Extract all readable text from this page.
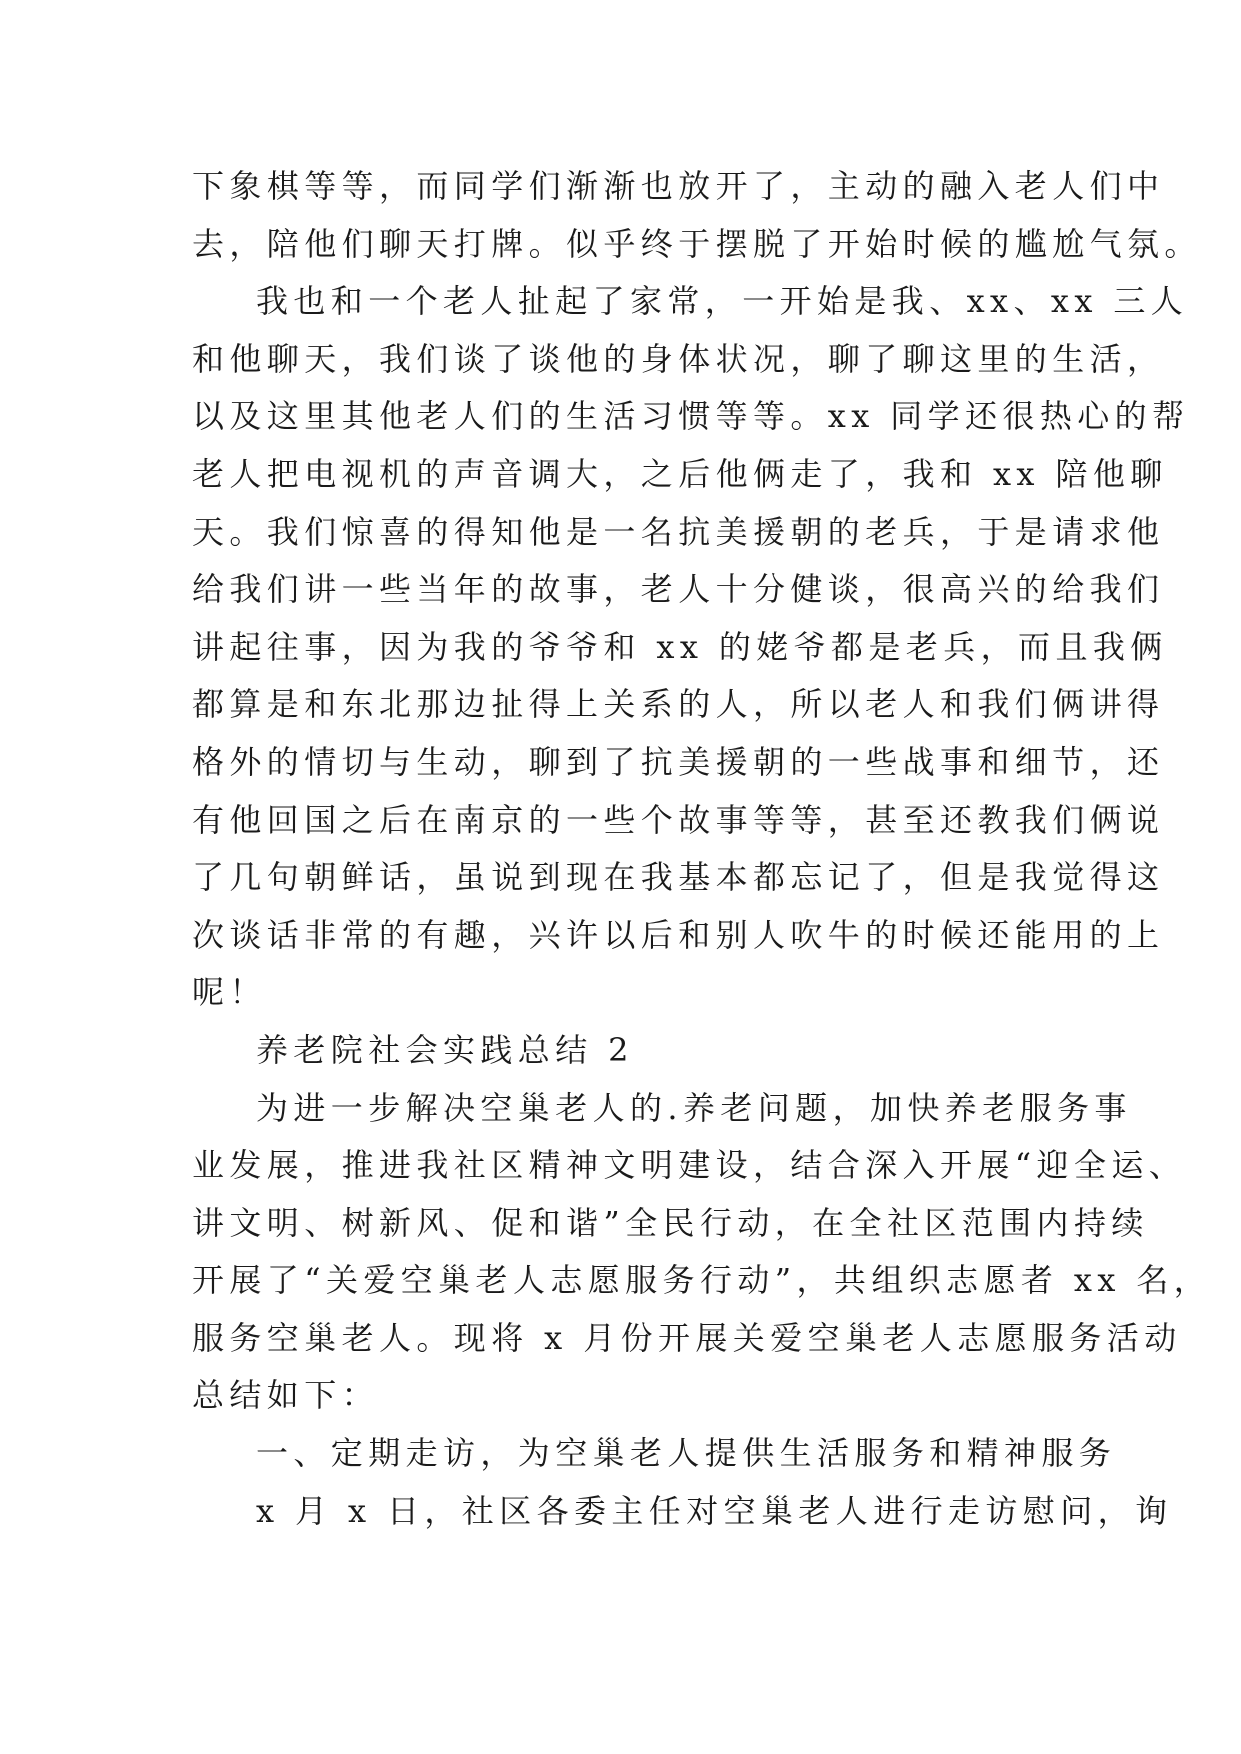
下象棋等等，而同学们渐渐也放开了，主动的融入老人们中
去，陪他们聊天打牌。似乎终于摆脱了开始时候的尴尬气氛。
我也和一个老人扯起了家常，一开始是我、xx、xx 三人
和他聊天，我们谈了谈他的身体状况，聊了聊这里的生活，
以及这里其他老人们的生活习惯等等。xx 同学还很热心的帮
老人把电视机的声音调大，之后他俩走了，我和 xx 陪他聊
天。我们惊喜的得知他是一名抗美援朝的老兵，于是请求他
给我们讲一些当年的故事，老人十分健谈，很高兴的给我们
讲起往事，因为我的爷爷和 xx 的姥爷都是老兵，而且我俩
都算是和东北那边扯得上关系的人，所以老人和我们俩讲得
格外的情切与生动，聊到了抗美援朝的一些战事和细节，还
有他回国之后在南京的一些个故事等等，甚至还教我们俩说
了几句朝鲜话，虽说到现在我基本都忘记了，但是我觉得这
次谈话非常的有趣，兴许以后和别人吹牛的时候还能用的上
呢！
养老院社会实践总结 2
为进一步解决空巢老人的.养老问题，加快养老服务事
业发展，推进我社区精神文明建设，结合深入开展“迎全运、
讲文明、树新风、促和谐”全民行动，在全社区范围内持续
开展了“关爱空巢老人志愿服务行动”，共组织志愿者 xx 名，
服务空巢老人。现将 x 月份开展关爱空巢老人志愿服务活动
总结如下：
一、定期走访，为空巢老人提供生活服务和精神服务
x 月 x 日，社区各委主任对空巢老人进行走访慰问，询
